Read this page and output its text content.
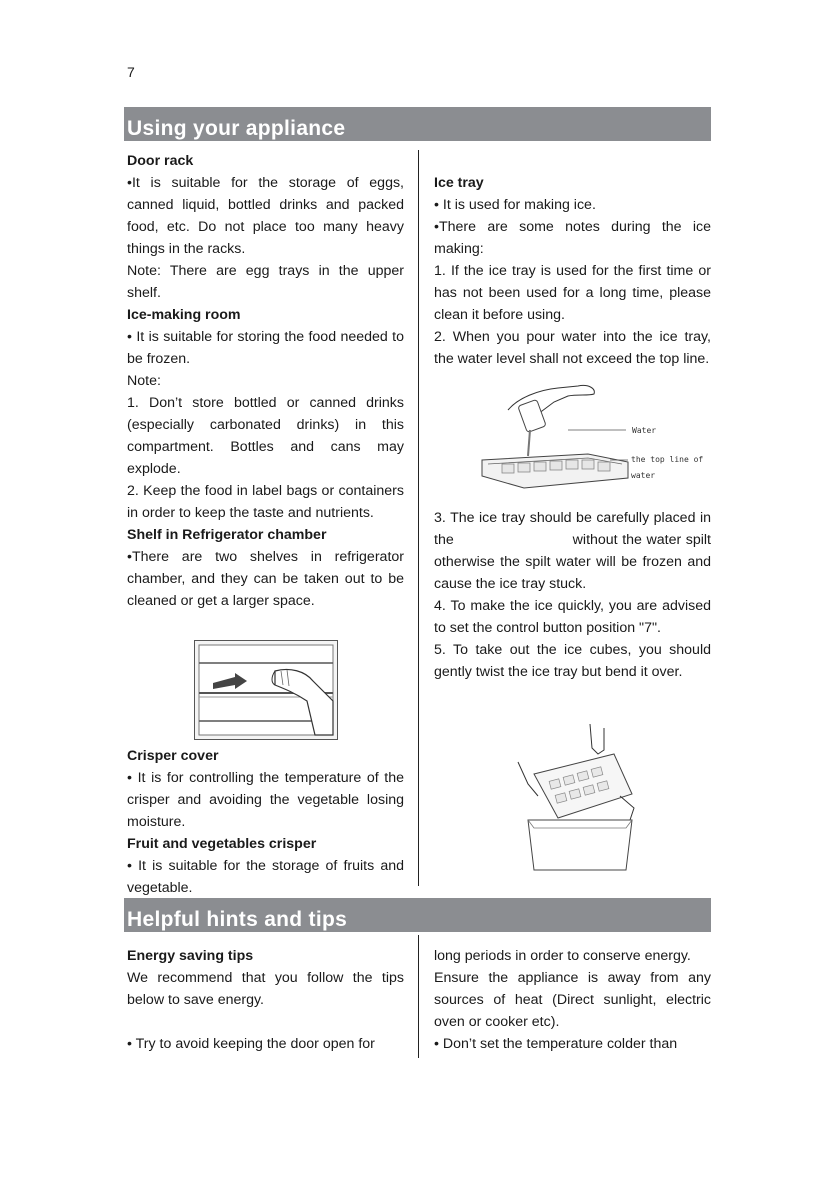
7
Using your appliance

Door rack

•It is suitable for the storage of eggs, canned liquid, bottled drinks and packed food, etc. Do not place too many heavy things in the racks.

Note: There are egg trays in the upper shelf.

Ice-making room

• It is suitable for storing the food needed to be frozen.

Note:

1. Don’t store bottled or canned drinks (especially carbonated drinks) in this compartment. Bottles and cans may explode.

2. Keep the food in label bags or containers in order to keep the taste and nutrients.

Shelf in Refrigerator chamber

•There are two shelves in refrigerator chamber, and they can be taken out to be cleaned or get a larger space.

Crisper cover

• It is for controlling the temperature of the crisper and avoiding the vegetable losing moisture.

Fruit and vegetables crisper

• It is suitable for the storage of fruits and vegetable.

Ice tray

• It is used for making ice.

•There are some notes during the ice making:

1. If the ice tray is used for the first time or has not been used for a long time, please clean it before using.

2. When you pour water into the ice tray, the water level shall not exceed the top line.

Water
the top line of
water

3. The ice tray should be carefully placed in the                          without the water spilt otherwise the spilt water will be frozen and cause the ice tray stuck.

4. To make the ice quickly, you are advised to set the control button position "7".

5. To take out the ice cubes, you should gently twist the ice tray but bend it over.

Helpful hints and tips

Energy saving tips

We recommend that you follow the tips below to save energy.

• Try to avoid keeping the door open for

long periods in order to conserve energy.

Ensure the appliance is away from any sources of heat (Direct sunlight, electric oven or cooker etc).

• Don’t set the temperature colder than
